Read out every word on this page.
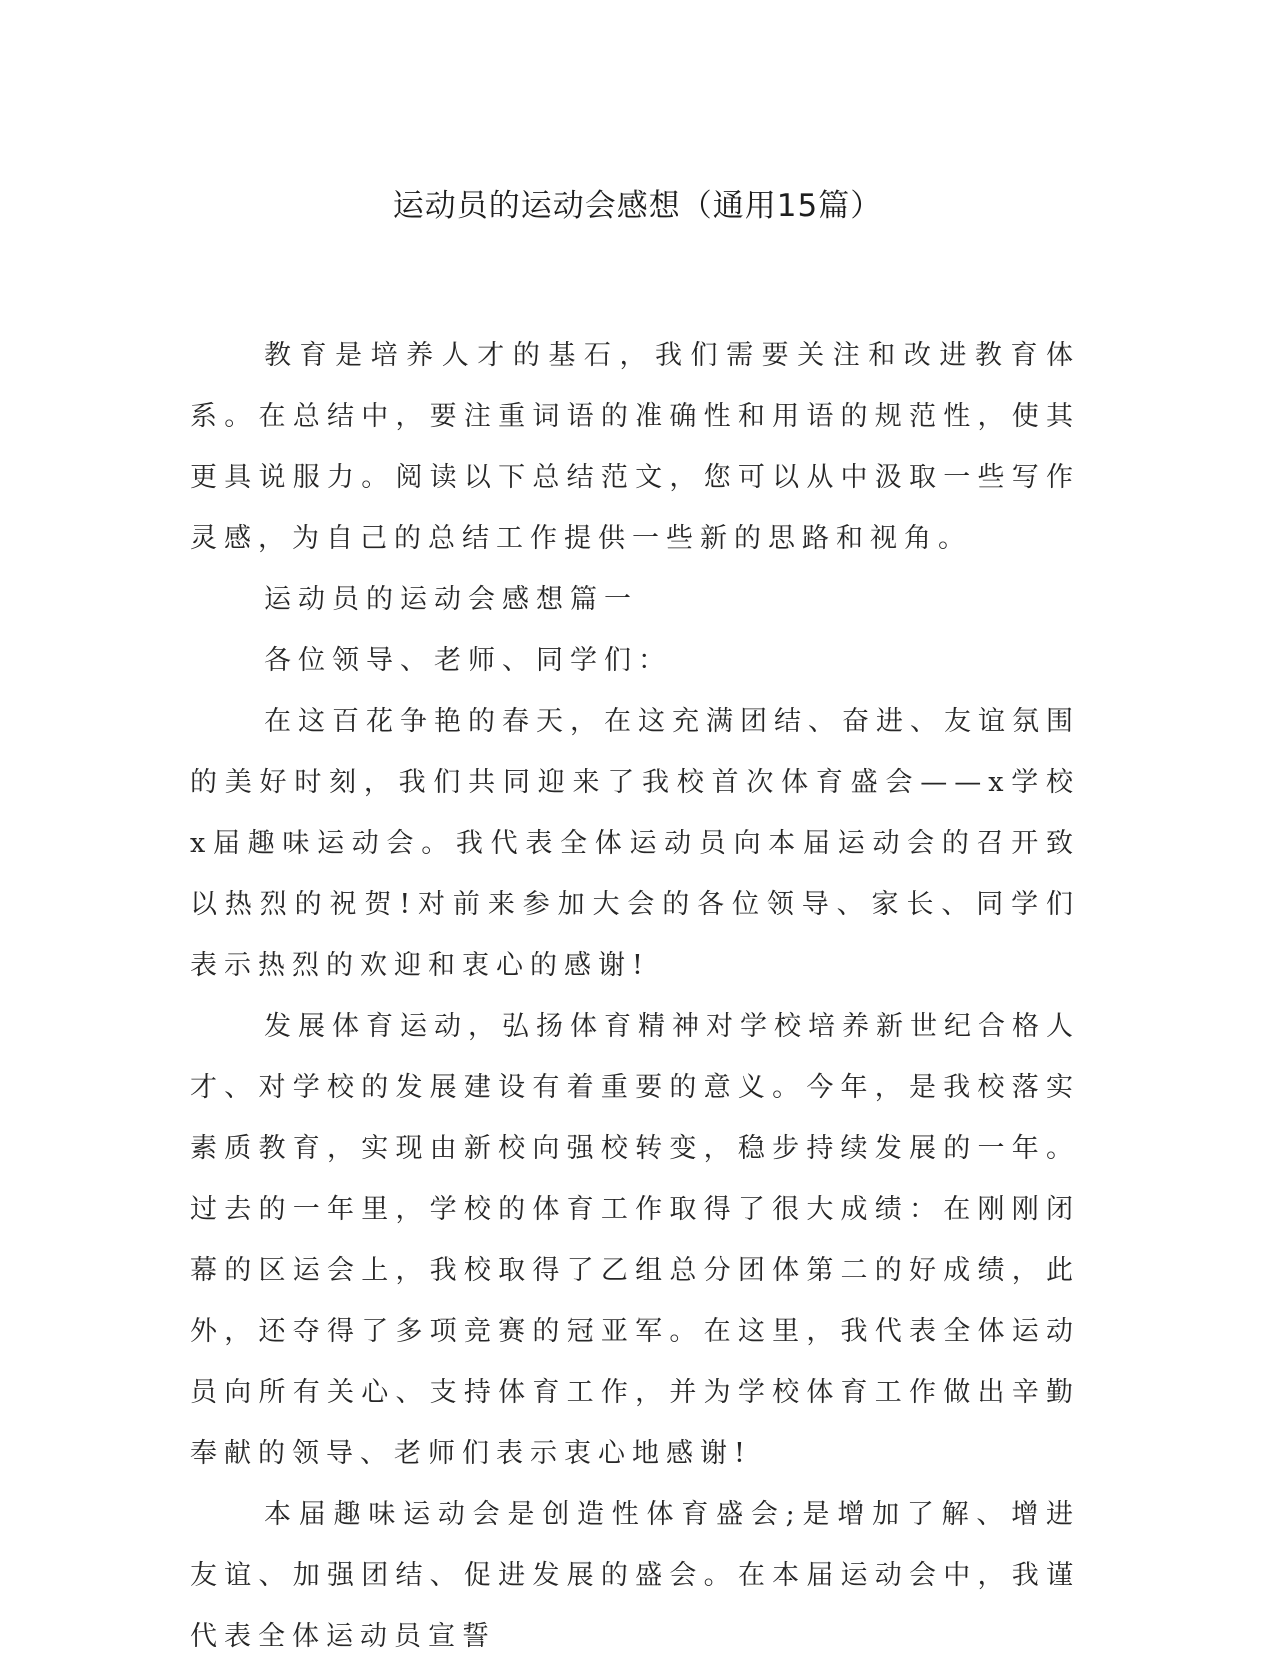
运动员的运动会感想（通用15篇）

教育是培养人才的基石，我们需要关注和改进教育体系。在总结中，要注重词语的准确性和用语的规范性，使其更具说服力。阅读以下总结范文，您可以从中汲取一些写作灵感，为自己的总结工作提供一些新的思路和视角。

运动员的运动会感想篇一

各位领导、老师、同学们：

在这百花争艳的春天，在这充满团结、奋进、友谊氛围的美好时刻，我们共同迎来了我校首次体育盛会——x学校x届趣味运动会。我代表全体运动员向本届运动会的召开致以热烈的祝贺!对前来参加大会的各位领导、家长、同学们表示热烈的欢迎和衷心的感谢!

发展体育运动，弘扬体育精神对学校培养新世纪合格人才、对学校的发展建设有着重要的意义。今年，是我校落实素质教育，实现由新校向强校转变，稳步持续发展的一年。过去的一年里，学校的体育工作取得了很大成绩：在刚刚闭幕的区运会上，我校取得了乙组总分团体第二的好成绩，此外，还夺得了多项竞赛的冠亚军。在这里，我代表全体运动员向所有关心、支持体育工作，并为学校体育工作做出辛勤奉献的领导、老师们表示衷心地感谢!

本届趣味运动会是创造性体育盛会;是增加了解、增进友谊、加强团结、促进发展的盛会。在本届运动会中，我谨代表全体运动员宣誓
